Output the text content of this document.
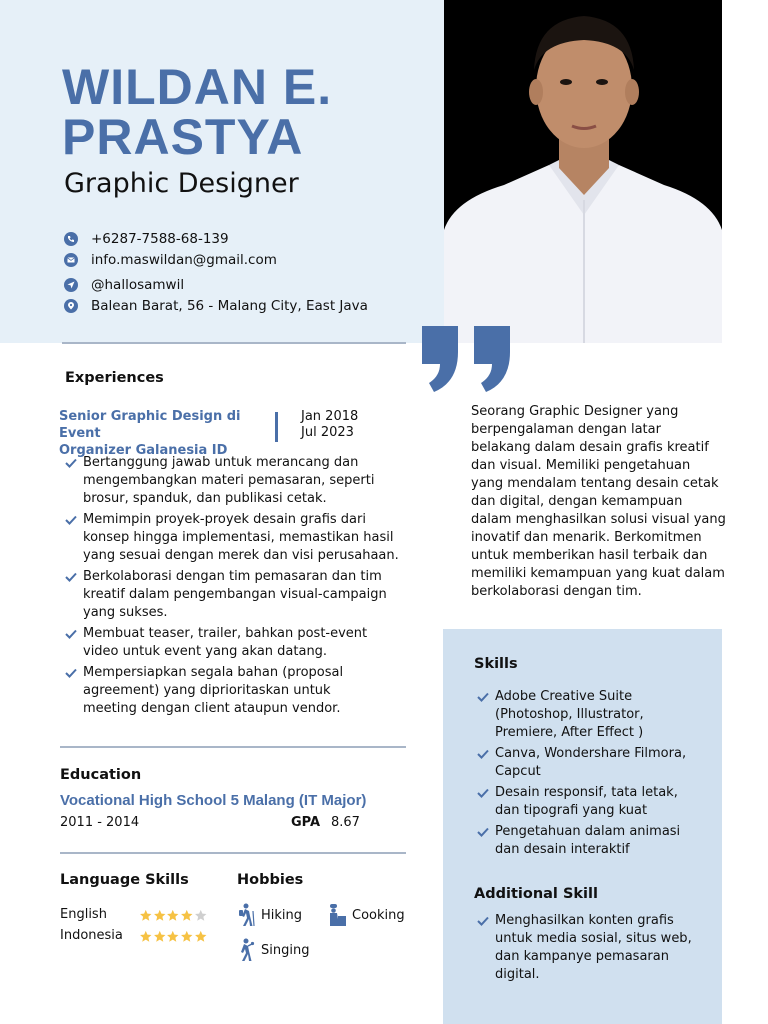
WILDAN E.
PRASTYA
Graphic Designer
+6287-7588-68-139
info.maswildan@gmail.com
@hallosamwil
Balean Barat, 56 - Malang City, East Java
Seorang Graphic Designer yang
berpengalaman dengan latar
belakang dalam desain grafis kreatif
dan visual. Memiliki pengetahuan
yang mendalam tentang desain cetak
dan digital, dengan kemampuan
dalam menghasilkan solusi visual yang
inovatif dan menarik. Berkomitmen
untuk memberikan hasil terbaik dan
memiliki kemampuan yang kuat dalam
berkolaborasi dengan tim.
Experiences
Senior Graphic Design di Event
Organizer Galanesia ID
Jan 2018
Jul 2023
Bertanggung jawab untuk merancang dan
mengembangkan materi pemasaran, seperti
brosur, spanduk, dan publikasi cetak.
Memimpin proyek-proyek desain grafis dari
konsep hingga implementasi, memastikan hasil
yang sesuai dengan merek dan visi perusahaan.
Berkolaborasi dengan tim pemasaran dan tim
kreatif dalam pengembangan visual-campaign
yang sukses.
Membuat teaser, trailer, bahkan post-event
video untuk event yang akan datang.
Mempersiapkan segala bahan (proposal
agreement) yang diprioritaskan untuk
meeting dengan client ataupun vendor.
Education
Vocational High School 5 Malang (IT Major)
2011 - 2014	GPA 8.67
Language Skills
English
Indonesia
Hobbies
Hiking	Cooking
Singing
Skills
Adobe Creative Suite
(Photoshop, Illustrator,
Premiere, After Effect )
Canva, Wondershare Filmora,
Capcut
Desain responsif, tata letak,
dan tipografi yang kuat
Pengetahuan dalam animasi
dan desain interaktif
Additional Skill
Menghasilkan konten grafis
untuk media sosial, situs web,
dan kampanye pemasaran
digital.
